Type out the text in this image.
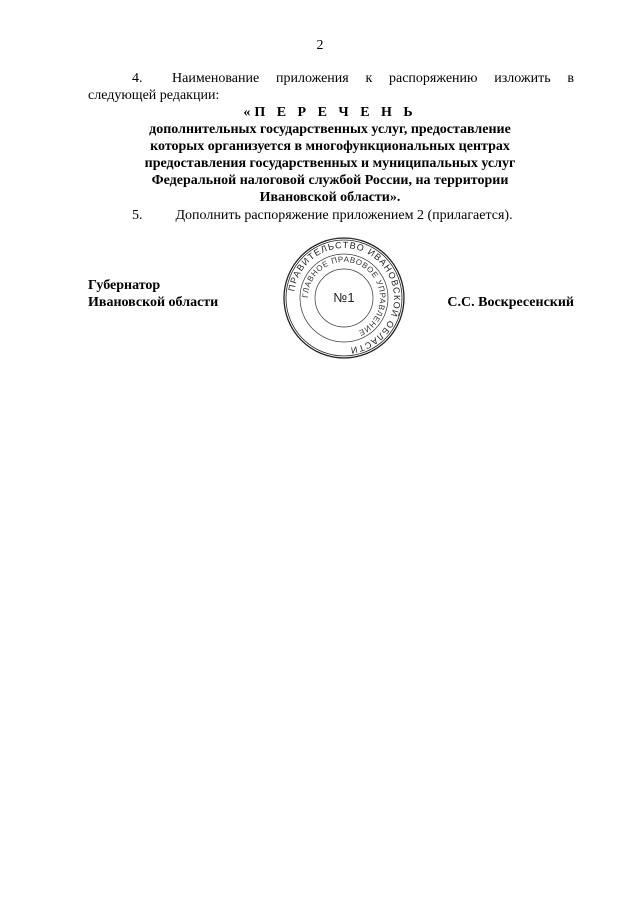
2
4.	Наименование приложения к распоряжению изложить в
следующей редакции:
«П Е Р Е Ч Е Н Ь
дополнительных государственных услуг, предоставление
которых организуется в многофункциональных центрах
предоставления государственных и муниципальных услуг
Федеральной налоговой службой России, на территории
Ивановской области».
5. Дополнить распоряжение приложением 2 (прилагается).
Губернатор
Ивановской области	С.С. Воскресенский
ПРАВИТЕЛЬСТВО ИВАНОВСКОЙ ОБЛАСТИ
ГЛАВНОЕ ПРАВОВОЕ УПРАВЛЕНИЕ
№1
